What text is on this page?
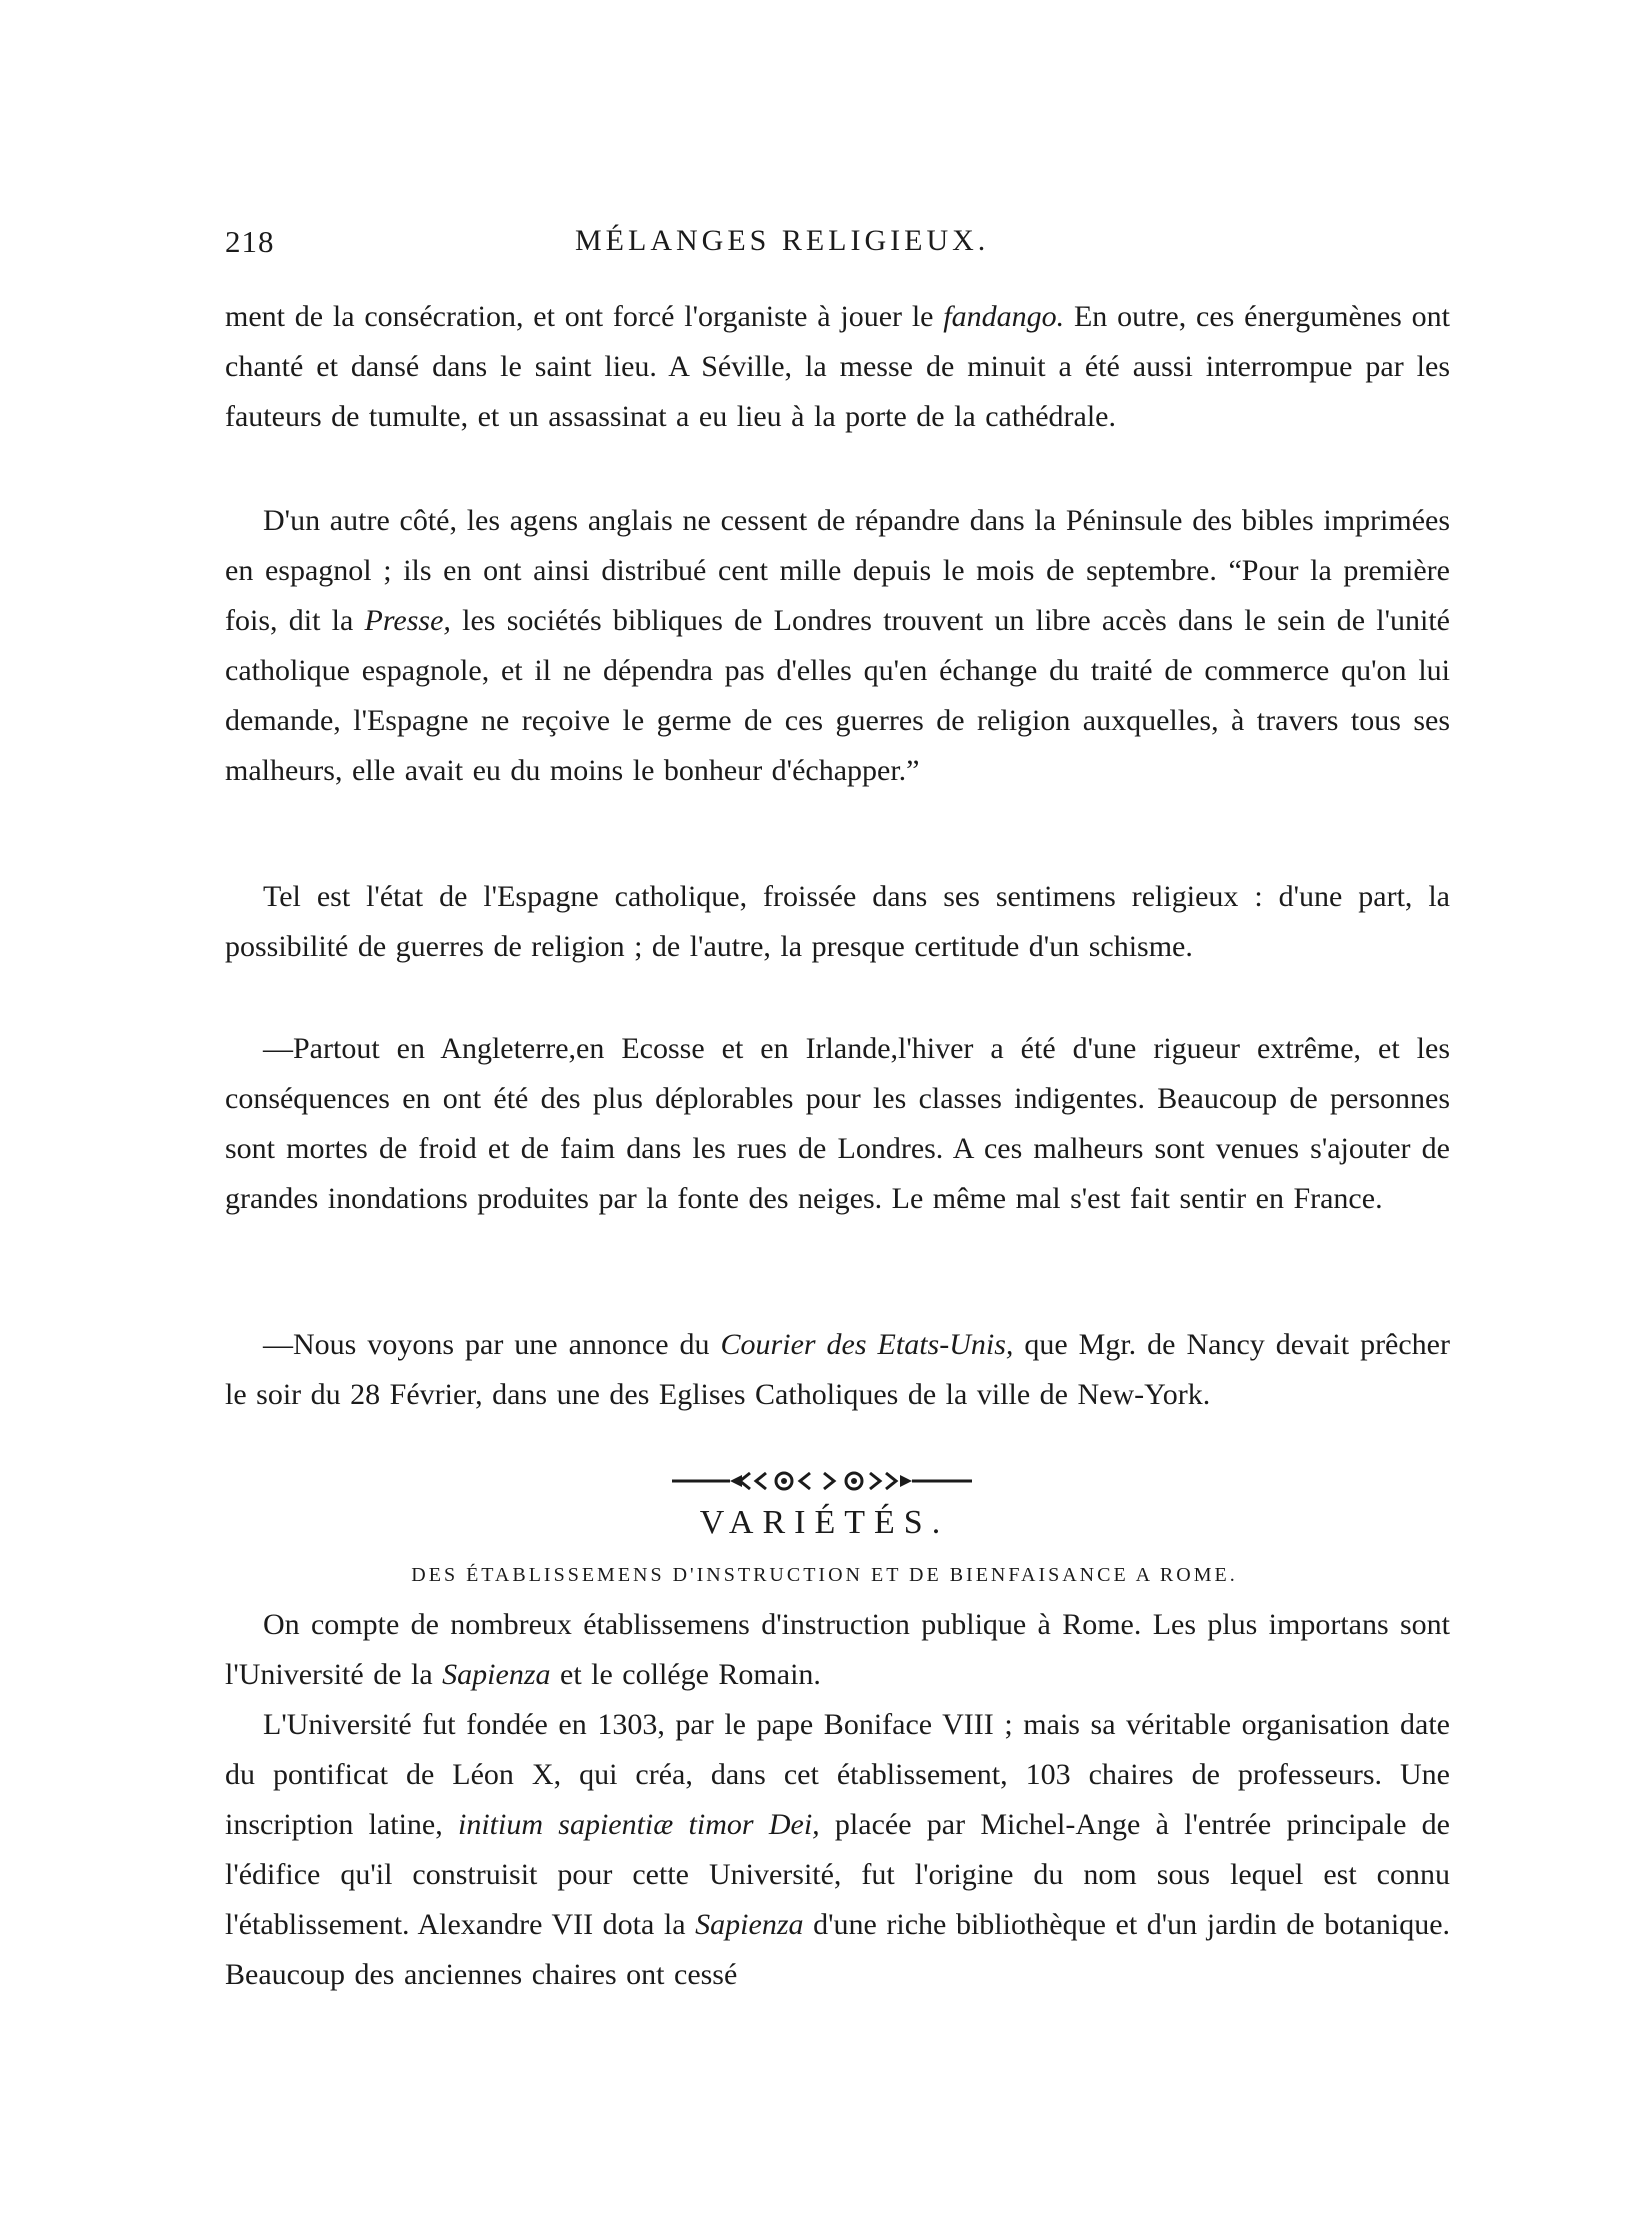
218	MÉLANGES RELIGIEUX.

ment de la consécration, et ont forcé l'organiste à jouer le fandango. En outre, ces énergumènes ont chanté et dansé dans le saint lieu. A Séville, la messe de minuit a été aussi interrompue par les fauteurs de tumulte, et un assassinat a eu lieu à la porte de la cathédrale.

D'un autre côté, les agens anglais ne cessent de répandre dans la Péninsule des bibles imprimées en espagnol ; ils en ont ainsi distribué cent mille depuis le mois de septembre. “Pour la première fois, dit la Presse, les sociétés bibliques de Londres trouvent un libre accès dans le sein de l'unité catholique espagnole, et il ne dépendra pas d'elles qu'en échange du traité de commerce qu'on lui demande, l'Espagne ne reçoive le germe de ces guerres de religion auxquelles, à travers tous ses malheurs, elle avait eu du moins le bonheur d'échapper.”

Tel est l'état de l'Espagne catholique, froissée dans ses sentimens religieux : d'une part, la possibilité de guerres de religion ; de l'autre, la presque certitude d'un schisme.

—Partout en Angleterre,en Ecosse et en Irlande,l'hiver a été d'une rigueur extrême, et les conséquences en ont été des plus déplorables pour les classes indigentes. Beaucoup de personnes sont mortes de froid et de faim dans les rues de Londres. A ces malheurs sont venues s'ajouter de grandes inondations produites par la fonte des neiges. Le même mal s'est fait sentir en France.

—Nous voyons par une annonce du Courier des Etats-Unis, que Mgr. de Nancy devait prêcher le soir du 28 Février, dans une des Eglises Catholiques de la ville de New-York.

VARIÉTÉS.
DES ÉTABLISSEMENS D'INSTRUCTION ET DE BIENFAISANCE A ROME.

On compte de nombreux établissemens d'instruction publique à Rome. Les plus importans sont l'Université de la Sapienza et le collége Romain.

L'Université fut fondée en 1303, par le pape Boniface VIII ; mais sa véritable organisation date du pontificat de Léon X, qui créa, dans cet établissement, 103 chaires de professeurs. Une inscription latine, initium sapientiæ timor Dei, placée par Michel-Ange à l'entrée principale de l'édifice qu'il construisit pour cette Université, fut l'origine du nom sous lequel est connu l'établissement. Alexandre VII dota la Sapienza d'une riche bibliothèque et d'un jardin de botanique. Beaucoup des anciennes chaires ont cessé
